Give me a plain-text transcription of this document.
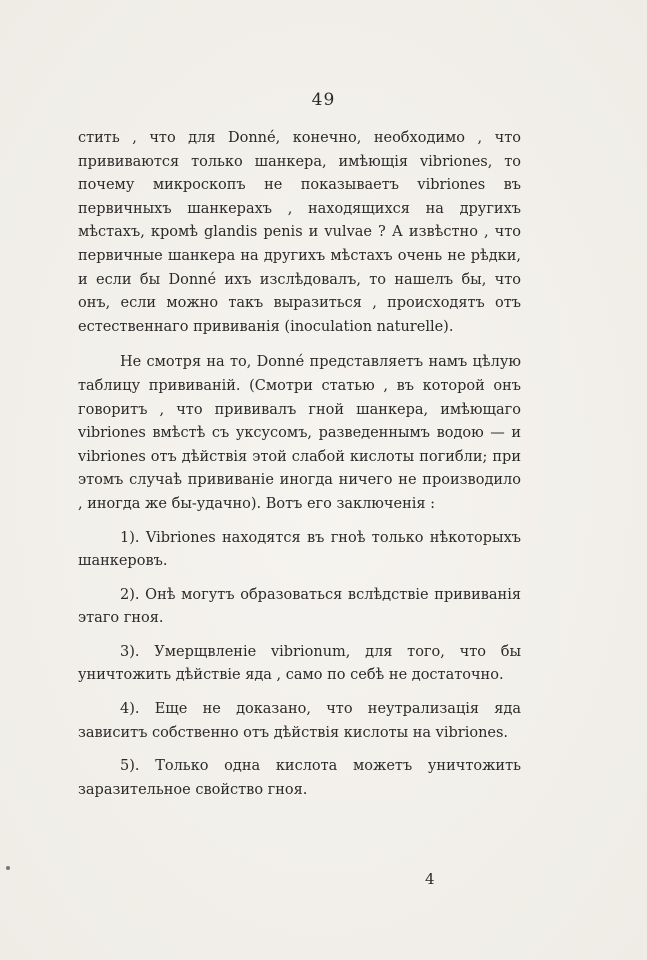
49

стить , что для Donné, конечно, необходимо , что прививаются только шанкера, имѣющія vibriones, то почему микроскопъ не показываетъ vibriones въ первичныхъ шанкерахъ , находящихся на другихъ мѣстахъ, кромѣ glandis penis и vulvae ? А извѣстно , что первичные шанкера на другихъ мѣстахъ очень не рѣдки, и если бы Donné ихъ изслѣдовалъ, то нашелъ бы, что онъ, если можно такъ выразиться , происходятъ отъ естественнаго прививанія (inoculation naturelle).

Не смотря на то, Donné представляетъ намъ цѣлую таблицу прививаній. (Смотри статью , въ которой онъ говоритъ , что прививалъ гной шанкера, имѣющаго vibriones вмѣстѣ съ уксусомъ, разведеннымъ водою — и vibriones отъ дѣйствія этой слабой кислоты погибли; при этомъ случаѣ прививаніе иногда ничего не производило , иногда же бы-удачно). Вотъ его заключенія :

1). Vibriones находятся въ гноѣ только нѣкоторыхъ шанкеровъ.

2). Онѣ могутъ образоваться вслѣдствіе прививанія этаго гноя.

3). Умерщвленіе vibrionum, для того, что бы уничтожить дѣйствіе яда , само по себѣ не достаточно.

4). Еще не доказано, что неутрализація яда зависитъ собственно отъ дѣйствія кислоты на vibriones.

5). Только одна кислота можетъ уничтожить заразительное свойство гноя.

4
